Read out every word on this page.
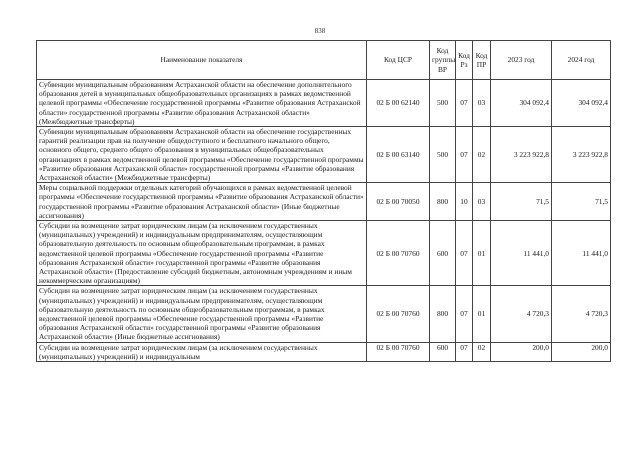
838
Наименование показателя	Код ЦСР	Код группы ВР	Код Рз	Код ПР	2023 год	2024 год
Субвенции муниципальным образованиям Астраханской области на обеспечение дополнительного образования детей в муниципальных общеобразовательных организациях в рамках ведомственной целевой программы «Обеспечение государственной программы «Развитие образования Астраханской области» государственной программы «Развитие образования Астраханской области» (Межбюджетные трансферты)	02 Б 00 62140	500	07	03	304 092,4	304 092,4
Субвенции муниципальным образованиям Астраханской области на обеспечение государственных гарантий реализации прав на получение общедоступного и бесплатного начального общего, основного общего, среднего общего образования в муниципальных общеобразовательных организациях в рамках ведомственной целевой программы «Обеспечение государственной программы «Развитие образования Астраханской области» государственной программы «Развитие образования Астраханской области» (Межбюджетные трансферты)	02 Б 00 63140	500	07	02	3 223 922,8	3 223 922,8
Меры социальной поддержки отдельных категорий обучающихся в рамках ведомственной целевой программы «Обеспечение государственной программы «Развитие образования Астраханской области» государственной программы «Развитие образования Астраханской области» (Иные бюджетные ассигнования)	02 Б 00 70050	800	10	03	71,5	71,5
Субсидии на возмещение затрат юридическим лицам (за исключением государственных (муниципальных) учреждений) и индивидуальным предпринимателям, осуществляющим образовательную деятельность по основным общеобразовательным программам, в рамках ведомственной целевой программы «Обеспечение государственной программы «Развитие образования Астраханской области» государственной программы «Развитие образования Астраханской области» (Предоставление субсидий бюджетным, автономным учреждениям и иным некоммерческим организациям)	02 Б 00 70760	600	07	01	11 441,0	11 441,0
Субсидии на возмещение затрат юридическим лицам (за исключением государственных (муниципальных) учреждений) и индивидуальным предпринимателям, осуществляющим образовательную деятельность по основным общеобразовательным программам, в рамках ведомственной целевой программы «Обеспечение государственной программы «Развитие образования Астраханской области» государственной программы «Развитие образования Астраханской области» (Иные бюджетные ассигнования)	02 Б 00 70760	800	07	01	4 720,3	4 720,3
Субсидии на возмещение затрат юридическим лицам (за исключением государственных (муниципальных) учреждений) и индивидуальным	02 Б 00 70760	600	07	02	200,0	200,0
